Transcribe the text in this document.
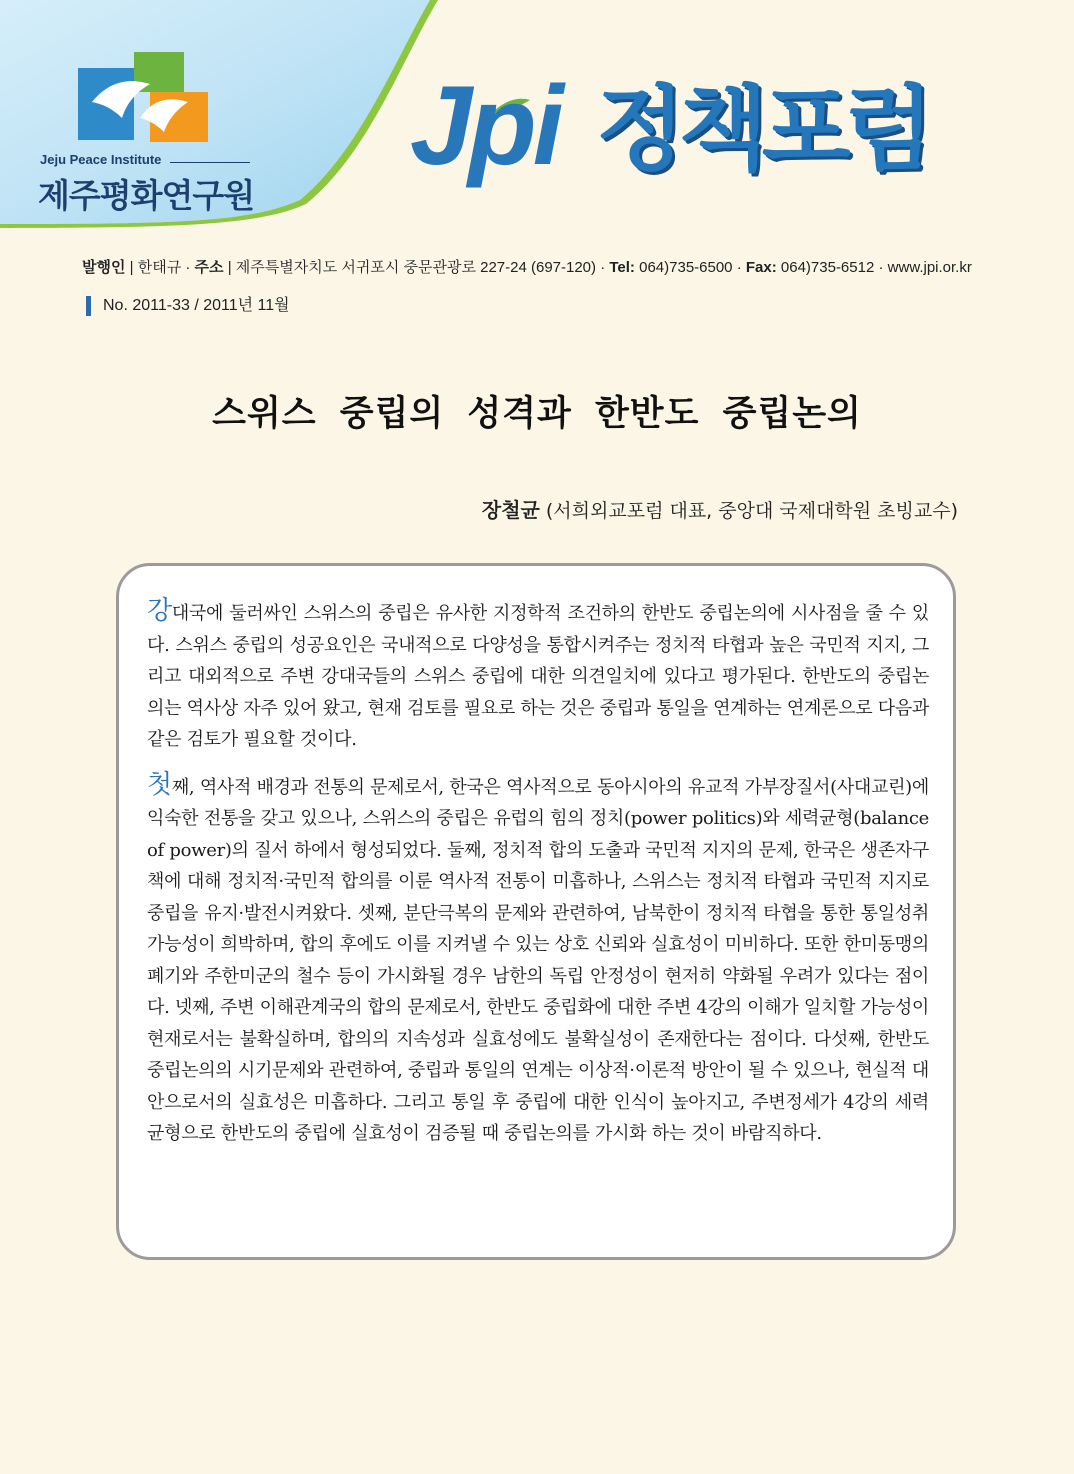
Jeju Peace Institute
제주평화연구원
Jpi 정책포럼
발행인 | 한태규 · 주소 | 제주특별자치도 서귀포시 중문관광로 227-24 (697-120) · Tel: 064)735-6500 · Fax: 064)735-6512 · www.jpi.or.kr
No. 2011-33 / 2011년 11월
스위스 중립의 성격과 한반도 중립논의
장철균 (서희외교포럼 대표, 중앙대 국제대학원 초빙교수)

강대국에 둘러싸인 스위스의 중립은 유사한 지정학적 조건하의 한반도 중립논의에 시사점을 줄 수 있다. 스위스 중립의 성공요인은 국내적으로 다양성을 통합시켜주는 정치적 타협과 높은 국민적 지지, 그리고 대외적으로 주변 강대국들의 스위스 중립에 대한 의견일치에 있다고 평가된다. 한반도의 중립논의는 역사상 자주 있어 왔고, 현재 검토를 필요로 하는 것은 중립과 통일을 연계하는 연계론으로 다음과 같은 검토가 필요할 것이다.

첫째, 역사적 배경과 전통의 문제로서, 한국은 역사적으로 동아시아의 유교적 가부장질서(사대교린)에 익숙한 전통을 갖고 있으나, 스위스의 중립은 유럽의 힘의 정치(power politics)와 세력균형(balance of power)의 질서 하에서 형성되었다. 둘째, 정치적 합의 도출과 국민적 지지의 문제, 한국은 생존자구책에 대해 정치적·국민적 합의를 이룬 역사적 전통이 미흡하나, 스위스는 정치적 타협과 국민적 지지로 중립을 유지·발전시켜왔다. 셋째, 분단극복의 문제와 관련하여, 남북한이 정치적 타협을 통한 통일성취 가능성이 희박하며, 합의 후에도 이를 지켜낼 수 있는 상호 신뢰와 실효성이 미비하다. 또한 한미동맹의 폐기와 주한미군의 철수 등이 가시화될 경우 남한의 독립 안정성이 현저히 약화될 우려가 있다는 점이다. 넷째, 주변 이해관계국의 합의 문제로서, 한반도 중립화에 대한 주변 4강의 이해가 일치할 가능성이 현재로서는 불확실하며, 합의의 지속성과 실효성에도 불확실성이 존재한다는 점이다. 다섯째, 한반도 중립논의의 시기문제와 관련하여, 중립과 통일의 연계는 이상적·이론적 방안이 될 수 있으나, 현실적 대안으로서의 실효성은 미흡하다. 그리고 통일 후 중립에 대한 인식이 높아지고, 주변정세가 4강의 세력균형으로 한반도의 중립에 실효성이 검증될 때 중립논의를 가시화 하는 것이 바람직하다.
